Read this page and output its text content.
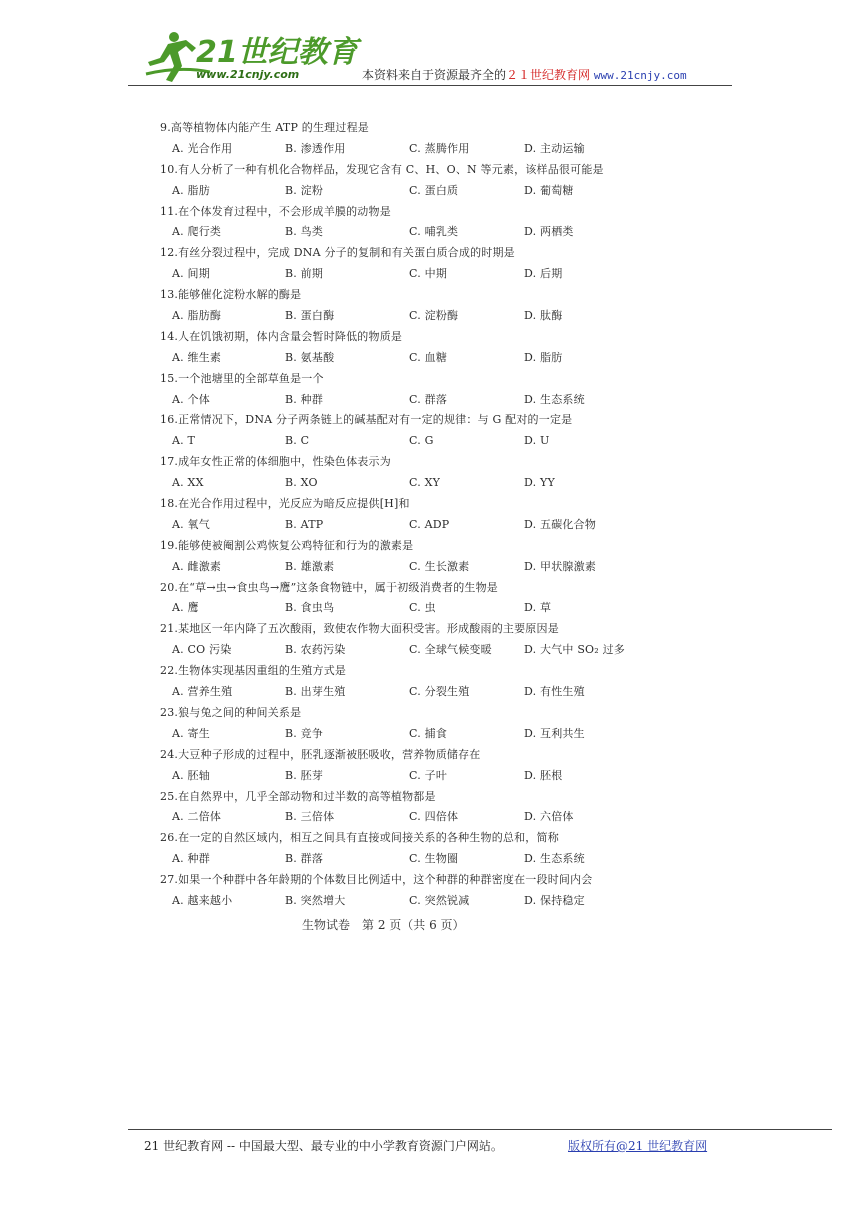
21世纪教育
www.21cnjy.com	本资料来自于资源最齐全的２１世纪教育网 www.21cnjy.com
9.高等植物体内能产生 ATP 的生理过程是
A. 光合作用	B. 渗透作用	C. 蒸腾作用	D. 主动运输
10.有人分析了一种有机化合物样品，发现它含有 C、H、O、N 等元素，该样品很可能是
A. 脂肪	B. 淀粉	C. 蛋白质	D. 葡萄糖
11.在个体发育过程中，不会形成羊膜的动物是
A. 爬行类	B. 鸟类	C. 哺乳类	D. 两栖类
12.有丝分裂过程中，完成 DNA 分子的复制和有关蛋白质合成的时期是
A. 间期	B. 前期	C. 中期	D. 后期
13.能够催化淀粉水解的酶是
A. 脂肪酶	B. 蛋白酶	C. 淀粉酶	D. 肽酶
14.人在饥饿初期，体内含量会暂时降低的物质是
A. 维生素	B. 氨基酸	C. 血糖	D. 脂肪
15.一个池塘里的全部草鱼是一个
A. 个体	B. 种群	C. 群落	D. 生态系统
16.正常情况下，DNA 分子两条链上的碱基配对有一定的规律：与 G 配对的一定是
A. T	B. C	C. G	D. U
17.成年女性正常的体细胞中，性染色体表示为
A. XX	B. XO	C. XY	D. YY
18.在光合作用过程中，光反应为暗反应提供[H]和
A. 氧气	B. ATP	C. ADP	D. 五碳化合物
19.能够使被阉割公鸡恢复公鸡特征和行为的激素是
A. 雌激素	B. 雄激素	C. 生长激素	D. 甲状腺激素
20.在“草→虫→食虫鸟→鹰”这条食物链中，属于初级消费者的生物是
A. 鹰	B. 食虫鸟	C. 虫	D. 草
21.某地区一年内降了五次酸雨，致使农作物大面积受害。形成酸雨的主要原因是
A. CO 污染	B. 农药污染	C. 全球气候变暖	D. 大气中 SO₂ 过多
22.生物体实现基因重组的生殖方式是
A. 营养生殖	B. 出芽生殖	C. 分裂生殖	D. 有性生殖
23.狼与兔之间的种间关系是
A. 寄生	B. 竞争	C. 捕食	D. 互利共生
24.大豆种子形成的过程中，胚乳逐渐被胚吸收，营养物质储存在
A. 胚轴	B. 胚芽	C. 子叶	D. 胚根
25.在自然界中，几乎全部动物和过半数的高等植物都是
A. 二倍体	B. 三倍体	C. 四倍体	D. 六倍体
26.在一定的自然区域内，相互之间具有直接或间接关系的各种生物的总和，简称
A. 种群	B. 群落	C. 生物圈	D. 生态系统
27.如果一个种群中各年龄期的个体数目比例适中，这个种群的种群密度在一段时间内会
A. 越来越小	B. 突然增大	C. 突然锐减	D. 保持稳定
生物试卷　第 2 页（共 6 页）
21 世纪教育网 -- 中国最大型、最专业的中小学教育资源门户网站。	版权所有@21 世纪教育网
